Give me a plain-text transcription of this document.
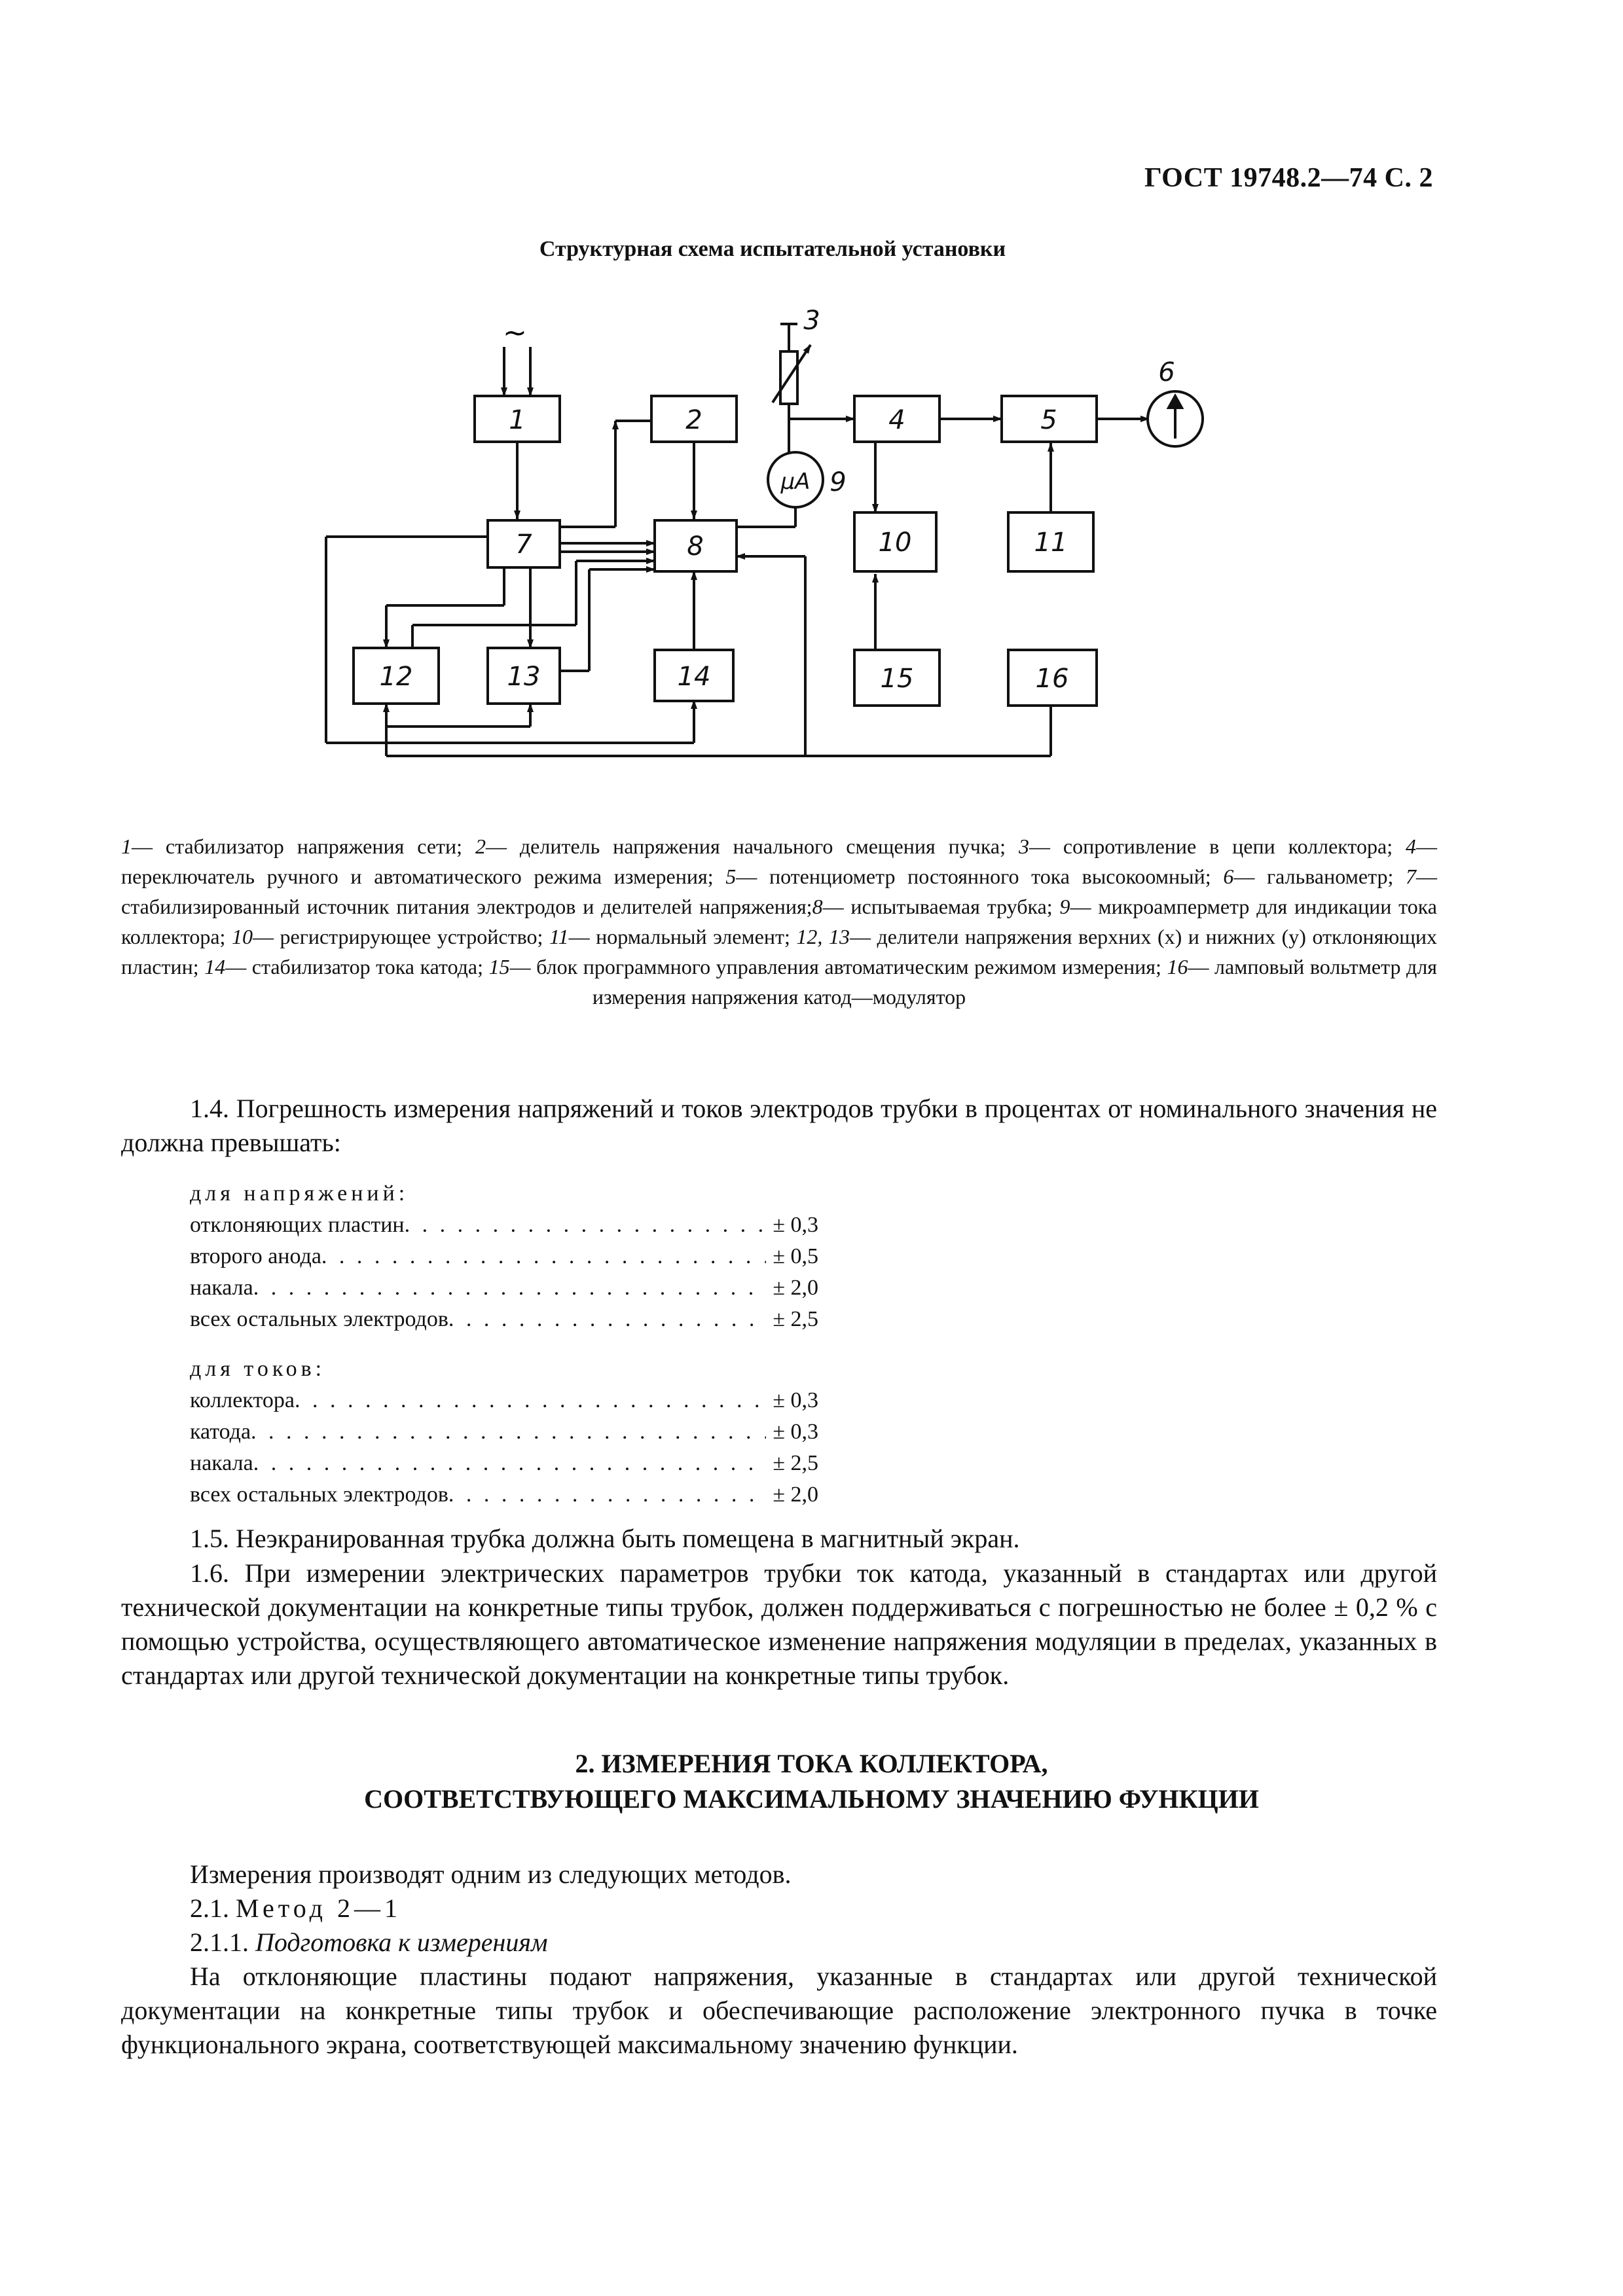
ГОСТ 19748.2—74 С. 2
Структурная схема испытательной установки
~
1	2	4	5
7	8	10	11
12	13	14	15	16
μA 9
3
6
1— стабилизатор напряжения сети; 2— делитель напряжения начального смещения пучка; 3— сопротивление в цепи коллектора; 4— переключатель ручного и автоматического режима измерения; 5— потенциометр постоянного тока высокоомный; 6— гальванометр; 7— стабилизированный источник питания электродов и делителей напряжения;8— испытываемая трубка; 9— микроамперметр для индикации тока коллектора; 10— регистрирующее устройство; 11— нормальный элемент; 12, 13— делители напряжения верхних (x) и нижних (y) отклоняющих пластин; 14— стабилизатор тока катода; 15— блок программного управления автоматическим режимом измерения; 16— ламповый вольтметр для измерения напряжения катод—модулятор
1.4. Погрешность измерения напряжений и токов электродов трубки в процентах от номинального значения не должна превышать:
для напряжений:
отклоняющих пластин . . .	± 0,3
второго анода . . .	± 0,5
накала . . .	± 2,0
всех остальных электродов . . .	± 2,5
для токов:
коллектора . . .	± 0,3
катода . . .	± 0,3
накала . . .	± 2,5
всех остальных электродов . . .	± 2,0
1.5. Неэкранированная трубка должна быть помещена в магнитный экран.
1.6. При измерении электрических параметров трубки ток катода, указанный в стандартах или другой технической документации на конкретные типы трубок, должен поддерживаться с погрешностью не более ± 0,2 % с помощью устройства, осуществляющего автоматическое изменение напряжения модуляции в пределах, указанных в стандартах или другой технической документации на конкретные типы трубок.
2. ИЗМЕРЕНИЯ ТОКА КОЛЛЕКТОРА,
СООТВЕТСТВУЮЩЕГО МАКСИМАЛЬНОМУ ЗНАЧЕНИЮ ФУНКЦИИ
Измерения производят одним из следующих методов.
2.1. Метод 2—1
2.1.1. Подготовка к измерениям
На отклоняющие пластины подают напряжения, указанные в стандартах или другой технической документации на конкретные типы трубок и обеспечивающие расположение электронного пучка в точке функционального экрана, соответствующей максимальному значению функции.
